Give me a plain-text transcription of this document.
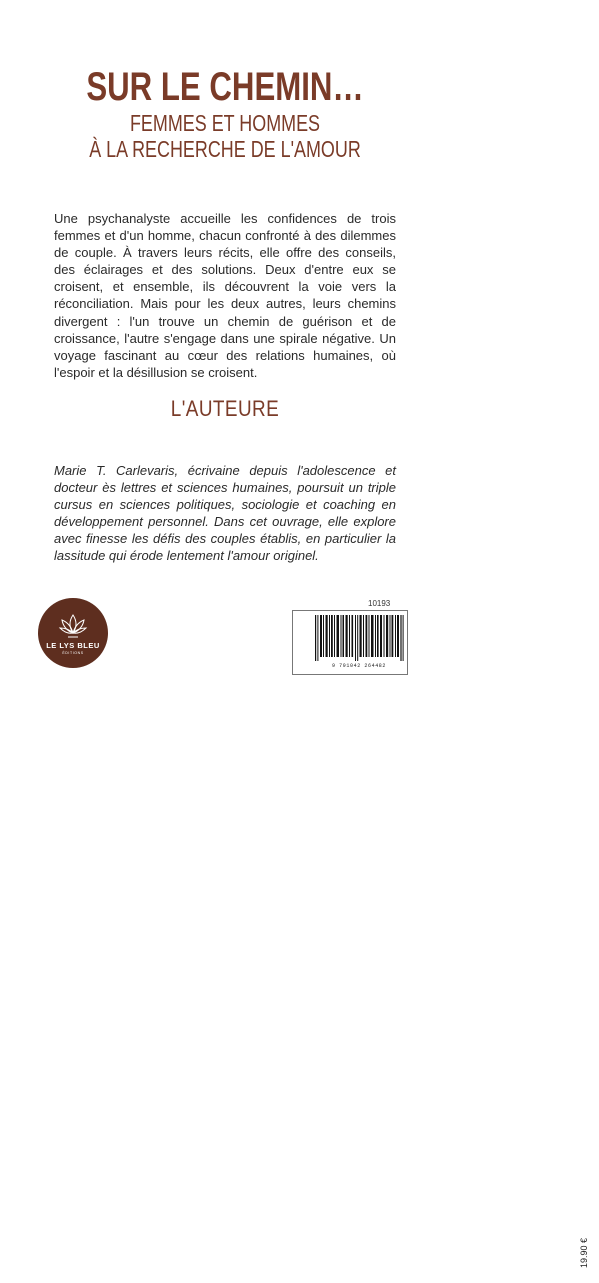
SUR LE CHEMIN…
FEMMES ET HOMMES
À LA RECHERCHE DE L'AMOUR
Une psychanalyste accueille les confidences de trois femmes et d'un homme, chacun confronté à des dilemmes de couple. À travers leurs récits, elle offre des conseils, des éclairages et des solutions. Deux d'entre eux se croisent, et ensemble, ils découvrent la voie vers la réconciliation. Mais pour les deux autres, leurs chemins divergent : l'un trouve un chemin de guérison et de croissance, l'autre s'engage dans une spirale négative. Un voyage fascinant au cœur des relations humaines, où l'espoir et la désillusion se croisent.
L'AUTEURE
Marie T. Carlevaris, écrivaine depuis l'adolescence et docteur ès lettres et sciences humaines, poursuit un triple cursus en sciences politiques, sociologie et coaching en développement personnel. Dans cet ouvrage, elle explore avec finesse les défis des couples établis, en particulier la lassitude qui érode lentement l'amour originel.
LE LYS BLEU
ÉDITIONS
10193
19.90 €
9 791042 264482
